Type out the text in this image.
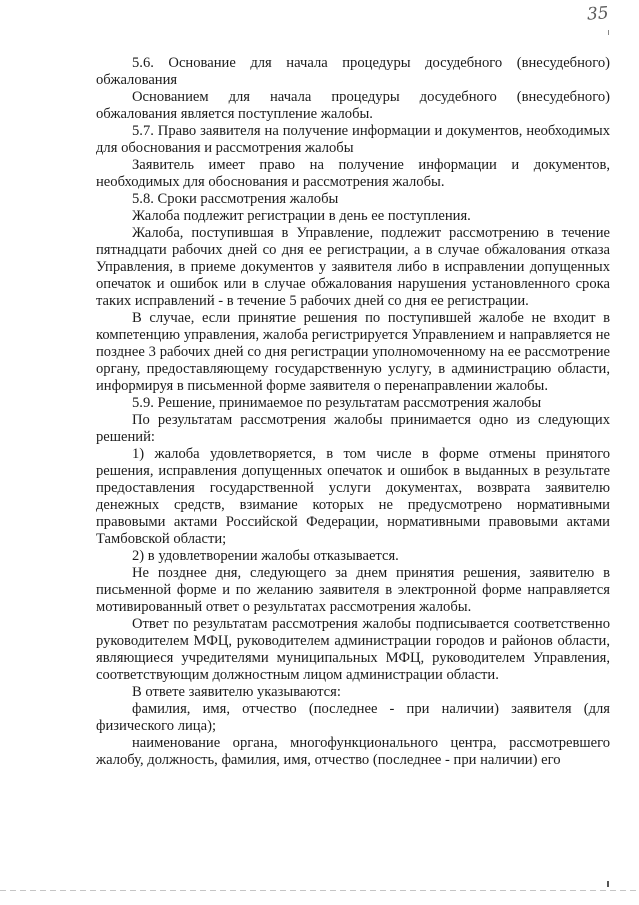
35

5.6. Основание для начала процедуры досудебного (внесудебного) обжалования

Основанием для начала процедуры досудебного (внесудебного) обжалования является поступление жалобы.

5.7. Право заявителя на получение информации и документов, необходимых для обоснования и рассмотрения жалобы

Заявитель имеет право на получение информации и документов, необходимых для обоснования и рассмотрения жалобы.

5.8. Сроки рассмотрения жалобы

Жалоба подлежит регистрации в день ее поступления.

Жалоба, поступившая в Управление, подлежит рассмотрению в течение пятнадцати рабочих дней со дня ее регистрации, а в случае обжалования отказа Управления, в приеме документов у заявителя либо в исправлении допущенных опечаток и ошибок или в случае обжалования нарушения установленного срока таких исправлений - в течение 5 рабочих дней со дня ее регистрации.

В случае, если принятие решения по поступившей жалобе не входит в компетенцию управления, жалоба регистрируется Управлением и направляется не позднее 3 рабочих дней со дня регистрации уполномоченному на ее рассмотрение органу, предоставляющему государственную услугу, в администрацию области, информируя в письменной форме заявителя о перенаправлении жалобы.

5.9. Решение, принимаемое по результатам рассмотрения жалобы

По результатам рассмотрения жалобы принимается одно из следующих решений:

1) жалоба удовлетворяется, в том числе в форме отмены принятого решения, исправления допущенных опечаток и ошибок в выданных в результате предоставления государственной услуги документах, возврата заявителю денежных средств, взимание которых не предусмотрено нормативными правовыми актами Российской Федерации, нормативными правовыми актами Тамбовской области;

2) в удовлетворении жалобы отказывается.

Не позднее дня, следующего за днем принятия решения, заявителю в письменной форме и по желанию заявителя в электронной форме направляется мотивированный ответ о результатах рассмотрения жалобы.

Ответ по результатам рассмотрения жалобы подписывается соответственно руководителем МФЦ, руководителем администрации городов и районов области, являющиеся учредителями муниципальных МФЦ, руководителем Управления, соответствующим должностным лицом администрации области.

В ответе заявителю указываются:

фамилия, имя, отчество (последнее - при наличии) заявителя (для физического лица);

наименование органа, многофункционального центра, рассмотревшего жалобу, должность, фамилия, имя, отчество (последнее - при наличии) его
